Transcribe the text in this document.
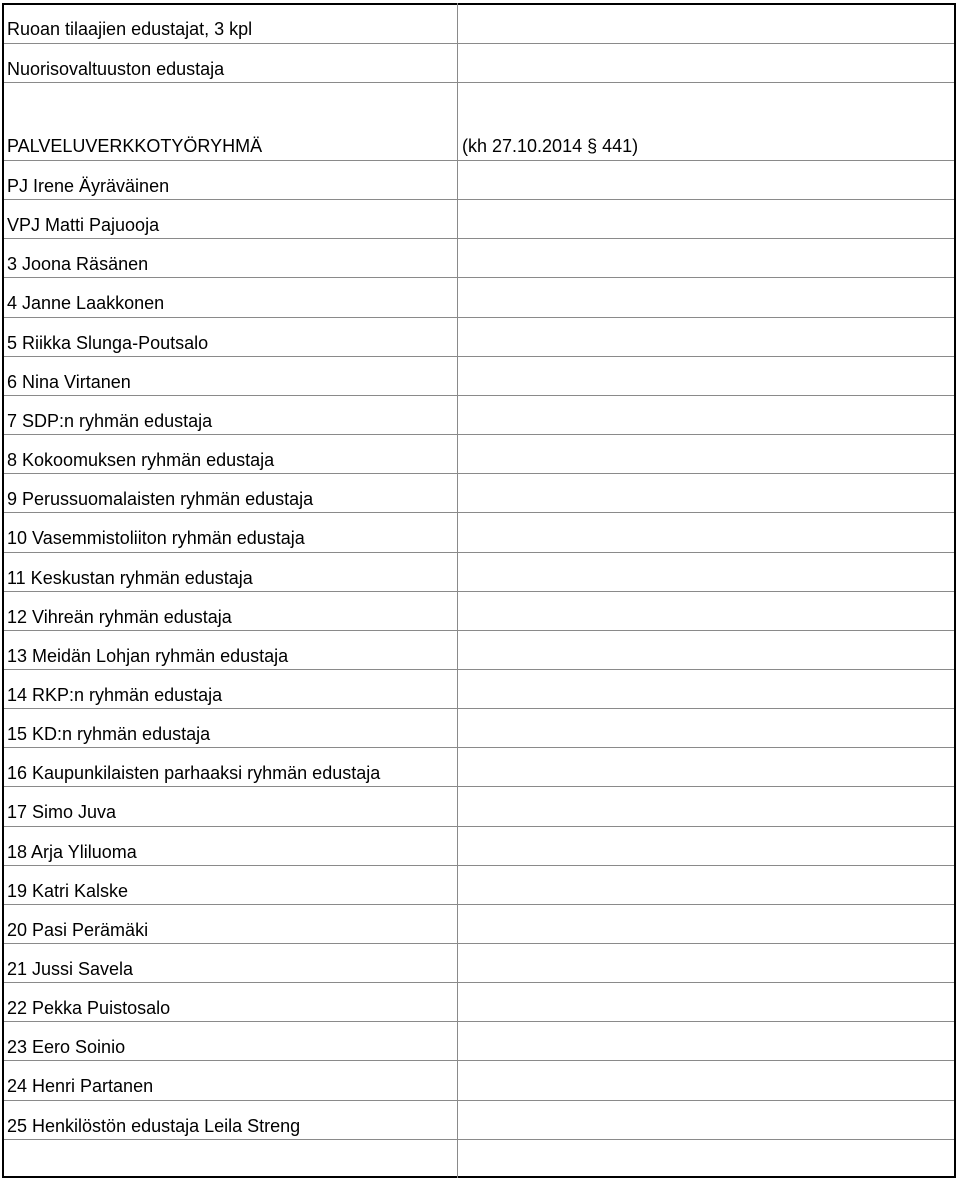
Ruoan tilaajien edustajat, 3 kpl
Nuorisovaltuuston edustaja
PALVELUVERKKOTYÖRYHMÄ	(kh 27.10.2014 § 441)
PJ Irene Äyräväinen
VPJ Matti Pajuooja
3 Joona Räsänen
4 Janne Laakkonen
5 Riikka Slunga-Poutsalo
6 Nina Virtanen
7 SDP:n ryhmän edustaja
8 Kokoomuksen ryhmän edustaja
9 Perussuomalaisten ryhmän edustaja
10 Vasemmistoliiton ryhmän edustaja
11 Keskustan ryhmän edustaja
12 Vihreän ryhmän edustaja
13 Meidän Lohjan ryhmän edustaja
14 RKP:n ryhmän edustaja
15 KD:n ryhmän edustaja
16 Kaupunkilaisten parhaaksi ryhmän edustaja
17 Simo Juva
18 Arja Yliluoma
19 Katri Kalske
20 Pasi Perämäki
21 Jussi Savela
22 Pekka Puistosalo
23 Eero Soinio
24 Henri Partanen
25 Henkilöstön edustaja Leila Streng
